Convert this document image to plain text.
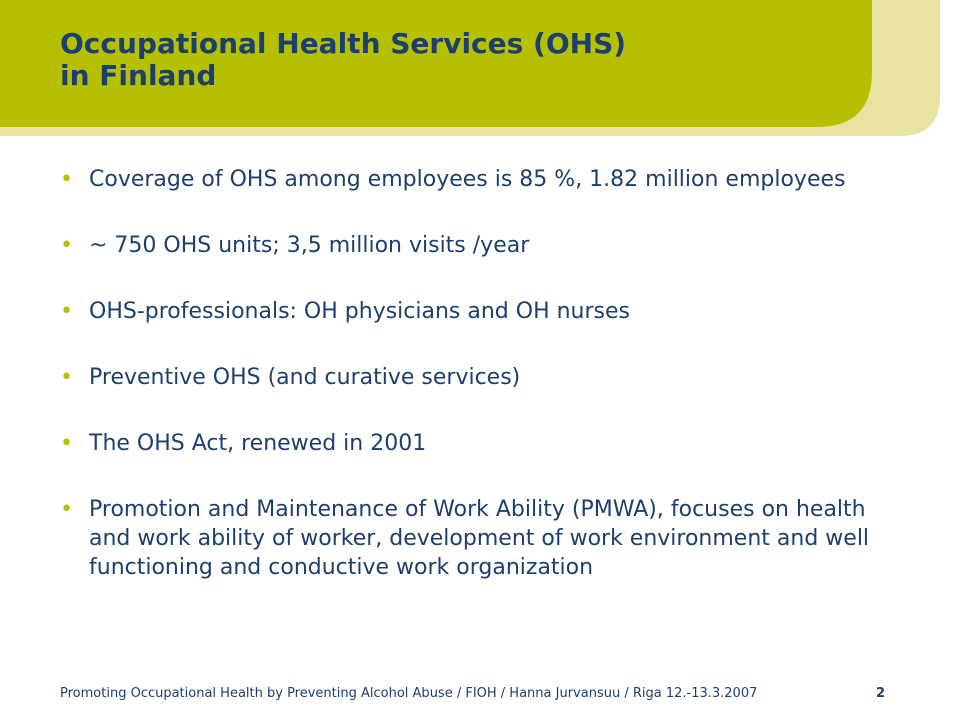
Occupational Health Services (OHS)
in Finland
• Coverage of OHS among employees is 85 %, 1.82 million employees
• ~ 750 OHS units; 3,5 million visits /year
• OHS-professionals: OH physicians and OH nurses
• Preventive OHS (and curative services)
• The OHS Act, renewed in 2001
• Promotion and Maintenance of Work Ability (PMWA), focuses on health and work ability of worker, development of work environment and well functioning and conductive work organization
Promoting Occupational Health by Preventing Alcohol Abuse / FIOH / Hanna Jurvansuu / Riga 12.-13.3.2007	2
